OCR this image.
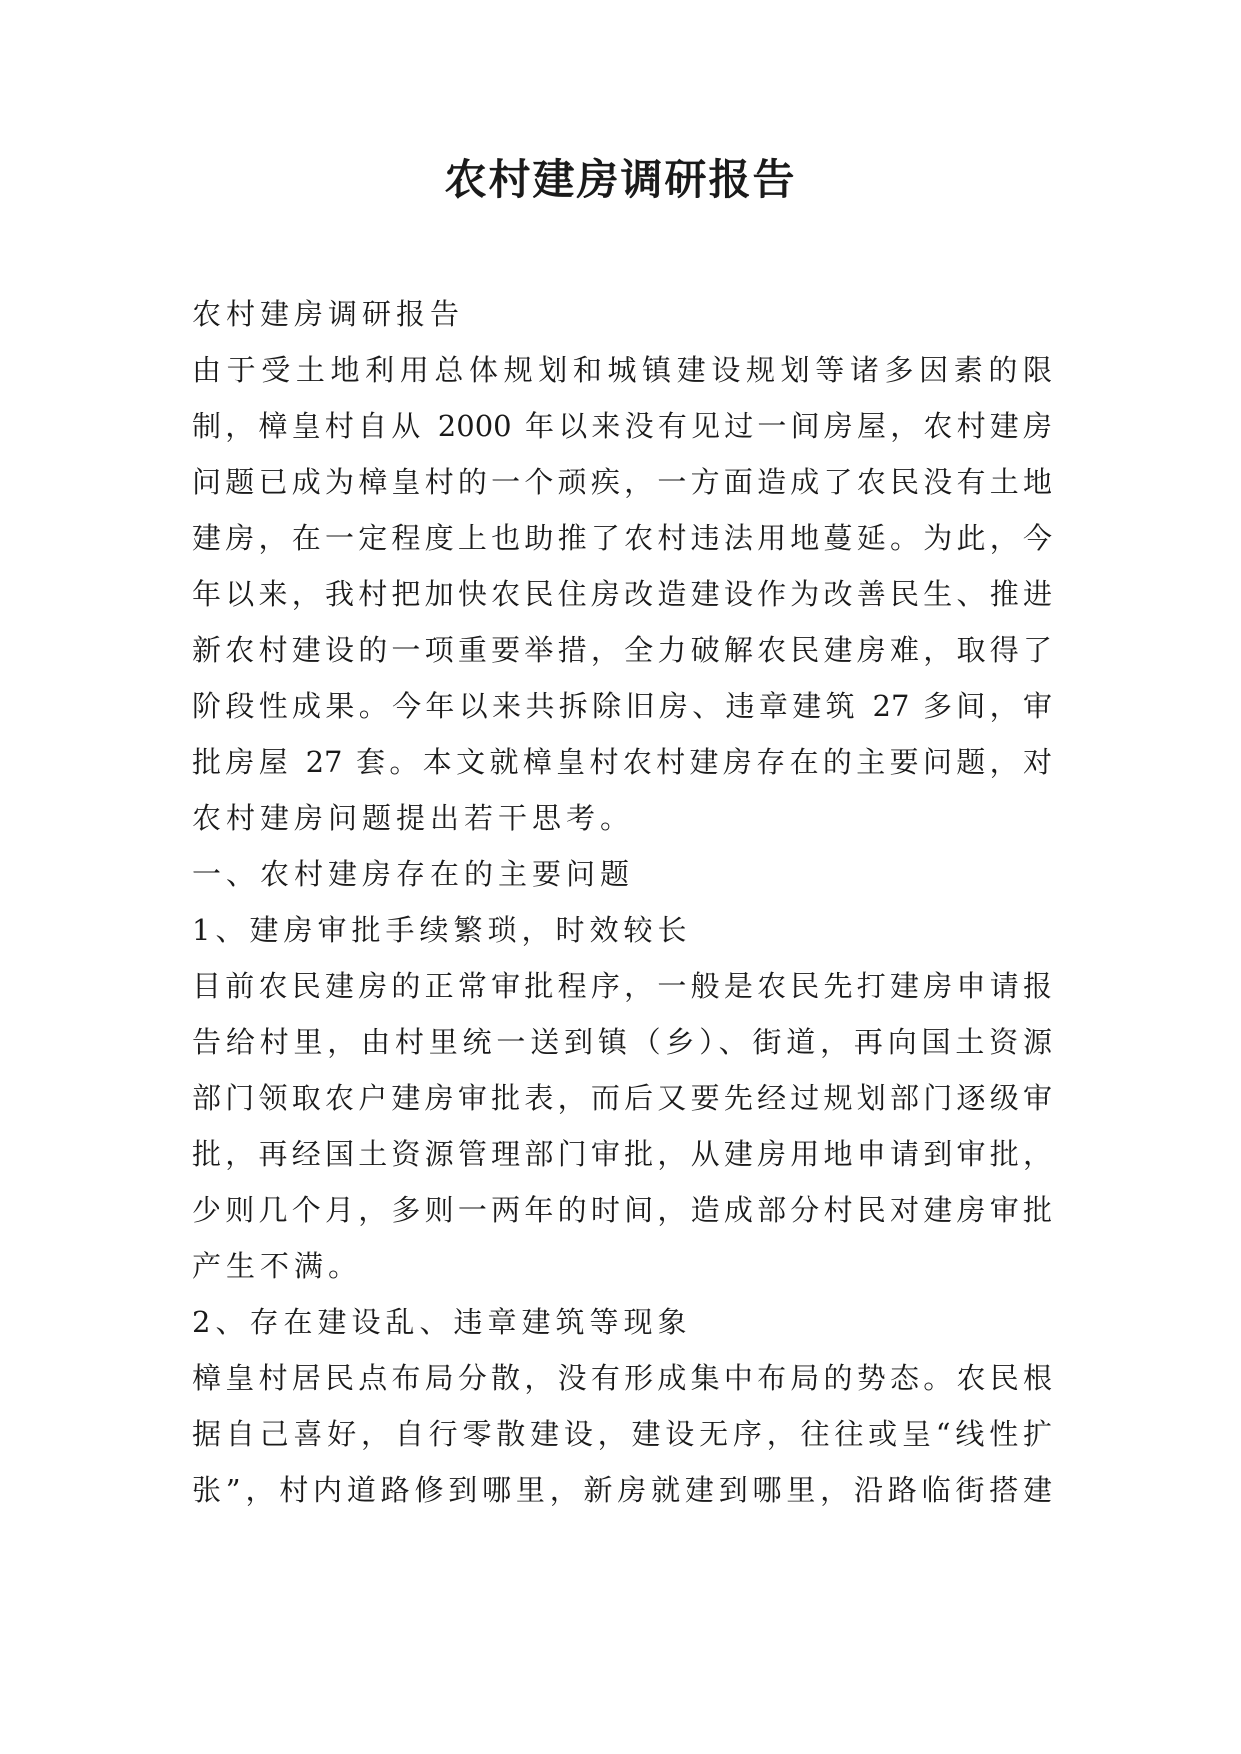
农村建房调研报告
农村建房调研报告
由于受土地利用总体规划和城镇建设规划等诸多因素的限
制，樟皇村自从 2000 年以来没有见过一间房屋，农村建房
问题已成为樟皇村的一个顽疾，一方面造成了农民没有土地
建房，在一定程度上也助推了农村违法用地蔓延。为此，今
年以来，我村把加快农民住房改造建设作为改善民生、推进
新农村建设的一项重要举措，全力破解农民建房难，取得了
阶段性成果。今年以来共拆除旧房、违章建筑 27 多间，审
批房屋 27 套。本文就樟皇村农村建房存在的主要问题，对
农村建房问题提出若干思考。
一、农村建房存在的主要问题
1、建房审批手续繁琐，时效较长
目前农民建房的正常审批程序，一般是农民先打建房申请报
告给村里，由村里统一送到镇（乡）、街道，再向国土资源
部门领取农户建房审批表，而后又要先经过规划部门逐级审
批，再经国土资源管理部门审批，从建房用地申请到审批，
少则几个月，多则一两年的时间，造成部分村民对建房审批
产生不满。
2、存在建设乱、违章建筑等现象
樟皇村居民点布局分散，没有形成集中布局的势态。农民根
据自己喜好，自行零散建设，建设无序，往往或呈“线性扩
张”，村内道路修到哪里，新房就建到哪里，沿路临街搭建
